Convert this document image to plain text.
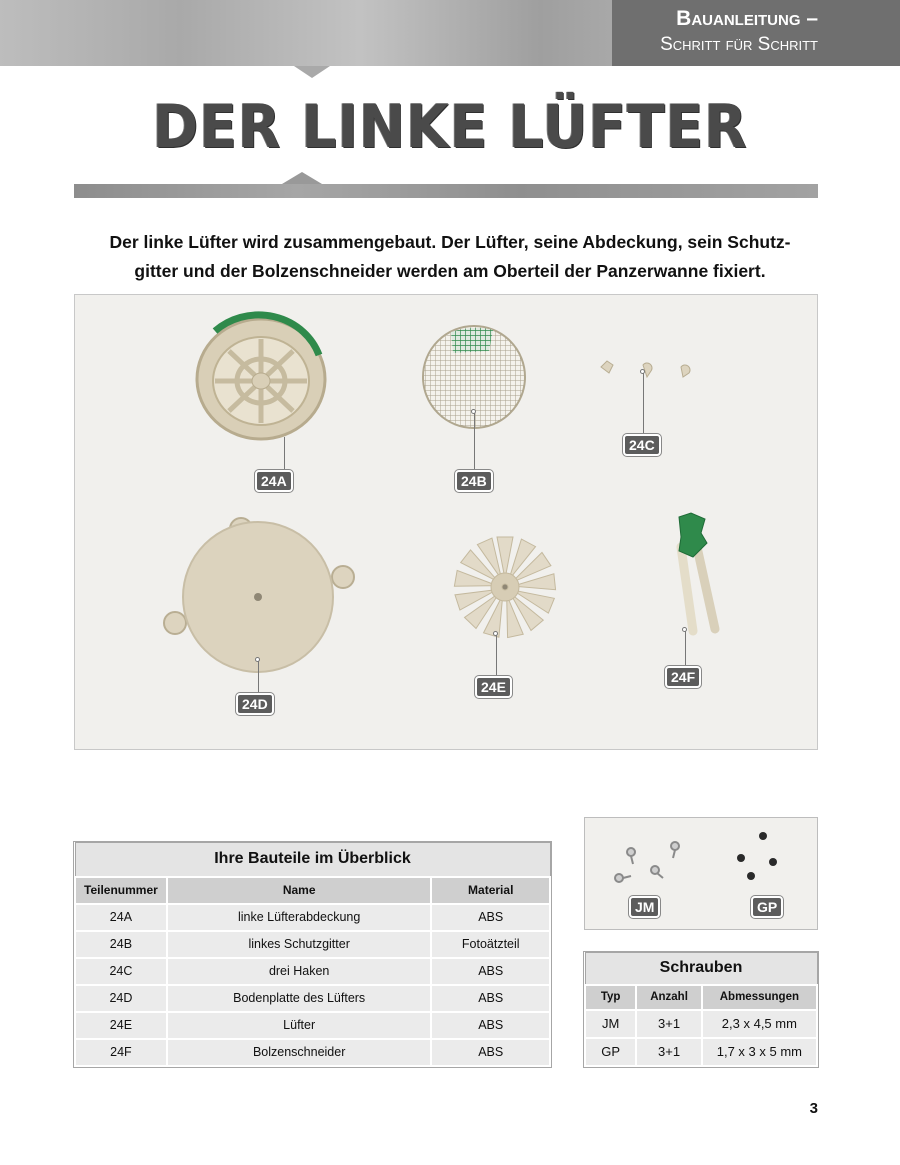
Bauanleitung –
Schritt für Schritt
DER LINKE LÜFTER
Der linke Lüfter wird zusammengebaut. Der Lüfter, seine Abdeckung, sein Schutz-
gitter und der Bolzenschneider werden am Oberteil der Panzerwanne fixiert.
24A	24B
24C
24D
24E
24F
Ihre Bauteile im Überblick		
Teilenummer	Name	Material
24A	linke Lüfterabdeckung	ABS
24B	linkes Schutzgitter	Fotoätzteil
24C	drei Haken	ABS
24D	Bodenplatte des Lüfters	ABS
24E	Lüfter	ABS
24F	Bolzenschneider	ABS
JM	GP
Schrauben		
Typ	Anzahl	Abmessungen
JM	3+1	2,3 x 4,5 mm
GP	3+1	1,7 x 3 x 5 mm
3
